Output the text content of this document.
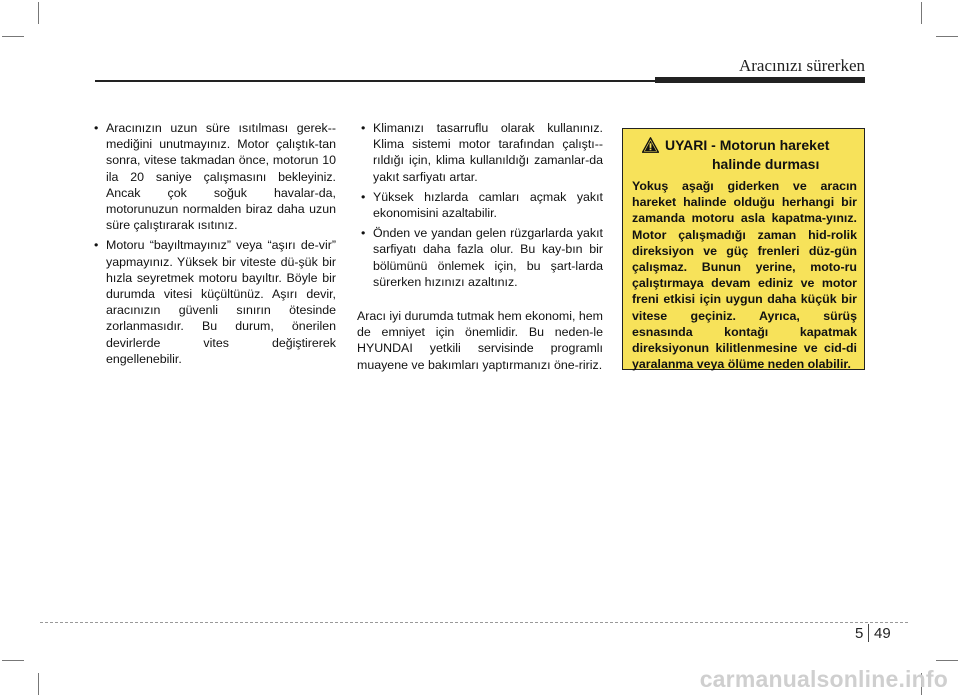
Aracınızı sürerken
• Aracınızın uzun süre ısıtılması gerek-mediğini unutmayınız. Motor çalıştık-tan sonra, vitese takmadan önce, motorun 10 ila 20 saniye çalışmasını bekleyiniz. Ancak çok soğuk havalar-da, motorunuzun normalden biraz daha uzun süre çalıştırarak ısıtınız.
• Motoru “bayıltmayınız” veya “aşırı de-vir” yapmayınız. Yüksek bir viteste dü-şük bir hızla seyretmek motoru bayıltır. Böyle bir durumda vitesi küçültünüz. Aşırı devir, aracınızın güvenli sınırın ötesinde zorlanmasıdır. Bu durum, önerilen devirlerde vites değiştirerek engellenebilir.
• Klimanızı tasarruflu olarak kullanınız. Klima sistemi motor tarafından çalıştı-rıldığı için, klima kullanıldığı zamanlar-da yakıt sarfiyatı artar.
• Yüksek hızlarda camları açmak yakıt ekonomisini azaltabilir.
• Önden ve yandan gelen rüzgarlarda yakıt sarfiyatı daha fazla olur. Bu kay-bın bir bölümünü önlemek için, bu şart-larda sürerken hızınızı azaltınız.
Aracı iyi durumda tutmak hem ekonomi, hem de emniyet için önemlidir. Bu neden-le HYUNDAI yetkili servisinde programlı muayene ve bakımları yaptırmanızı öne-ririz.
UYARI - Motorun hareket
halinde durması
Yokuş aşağı giderken ve aracın hareket halinde olduğu herhangi bir zamanda motoru asla kapatma-yınız. Motor çalışmadığı zaman hid-rolik direksiyon ve güç frenleri düz-gün çalışmaz. Bunun yerine, moto-ru çalıştırmaya devam ediniz ve motor freni etkisi için uygun daha küçük bir vitese geçiniz. Ayrıca, sürüş esnasında kontağı kapatmak direksiyonun kilitlenmesine ve cid-di yaralanma veya ölüme neden olabilir.
5 49
carmanualsonline.info
